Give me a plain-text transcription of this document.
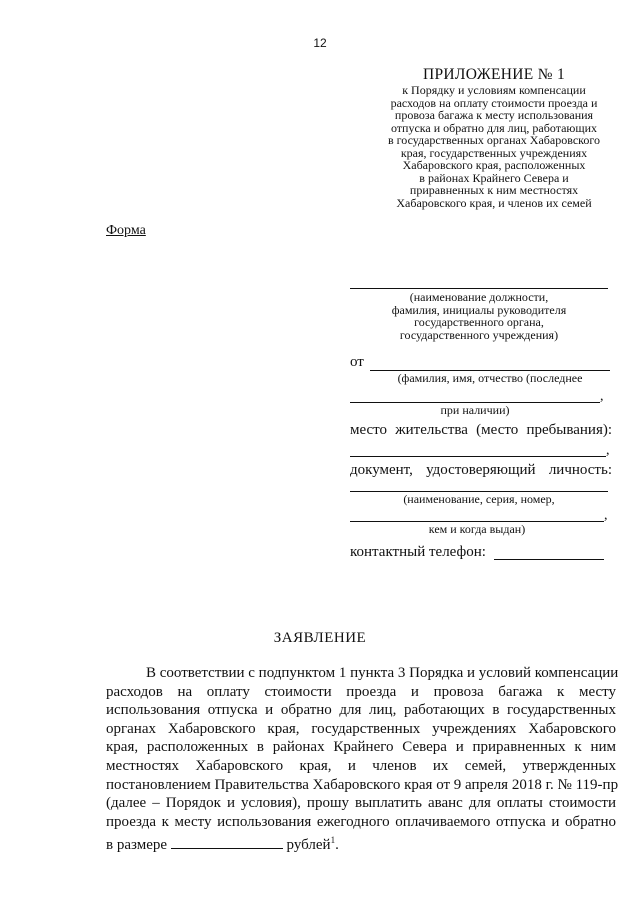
12
ПРИЛОЖЕНИЕ № 1
к Порядку и условиям компенсации
расходов на оплату стоимости проезда и
провоза багажа к месту использования
отпуска и обратно для лиц, работающих
в государственных органах Хабаровского
края, государственных учреждениях
Хабаровского края, расположенных
в районах Крайнего Севера и
приравненных к ним местностях
Хабаровского края, и членов их семей
Форма
(наименование должности,
фамилия, инициалы руководителя
государственного органа,
государственного учреждения)
от
(фамилия, имя, отчество (последнее
,
при наличии)
место жительства (место пребывания):
,
документ, удостоверяющий личность:
(наименование, серия, номер,
,
кем и когда выдан)
контактный телефон:
ЗАЯВЛЕНИЕ
В соответствии с подпунктом 1 пункта 3 Порядка и условий компенсации
расходов на оплату стоимости проезда и провоза багажа к месту
использования отпуска и обратно для лиц, работающих в государственных
органах Хабаровского края, государственных учреждениях Хабаровского
края, расположенных в районах Крайнего Севера и приравненных к ним
местностях Хабаровского края, и членов их семей, утвержденных
постановлением Правительства Хабаровского края от 9 апреля 2018 г. № 119-пр
(далее – Порядок и условия), прошу выплатить аванс для оплаты стоимости
проезда к месту использования ежегодного оплачиваемого отпуска и обратно
в размере	рублей$^1$.
